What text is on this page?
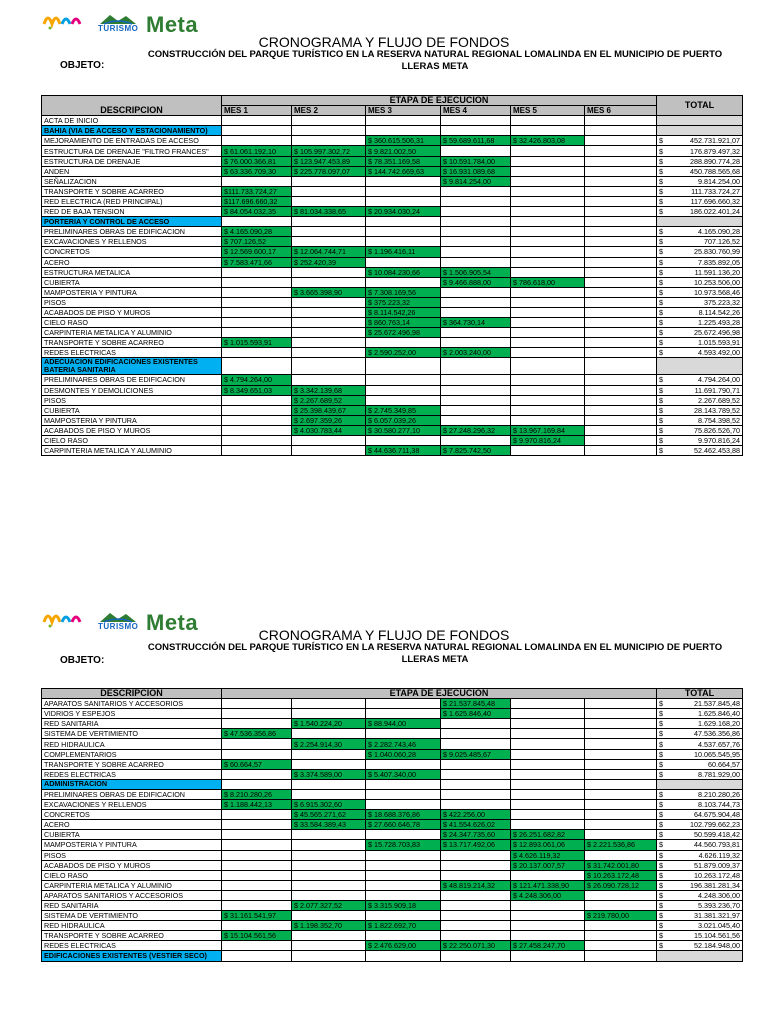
TURISMO Meta
CRONOGRAMA Y FLUJO DE FONDOS
CONSTRUCCIÓN DEL PARQUE TURÍSTICO EN LA RESERVA NATURAL REGIONAL LOMALINDA EN EL MUNICIPIO DE PUERTO LLERAS META
OBJETO:
DESCRIPCION	ETAPA DE EJECUCION						TOTAL
	MES 1	MES 2	MES 3	MES 4	MES 5	MES 6	
ACTA DE INICIO							
BAHIA (VIA DE ACCESO Y ESTACIONAMIENTO)							
MEJORAMIENTO DE ENTRADAS DE ACCESO			$ 360.615.506,31	$ 59.689.611,68	$ 32.426.803,08		$ 452.731.921,07

ESTRUCTURA DE DRENAJE "FILTRO FRANCES"	$ 61.061.192,10	$ 105.997.302,72	$ 9.821.002,50				$ 176.879.497,32

ESTRUCTURA DE DRENAJE	$ 76.000.366,81	$ 123.947.453,89	$ 78.351.169,58	$ 10.591.784,00			$ 288.890.774,28

ANDEN	$ 63.336.709,30	$ 225.778.097,07	$ 144.742.669,63	$ 16.931.089,68			$ 450.788.565,68

SEÑALIZACION				$ 9.814.254,00			$ 9.814.254,00

TRANSPORTE Y SOBRE ACARREO	$111.733.724,27						$ 111.733.724,27

RED ELECTRICA (RED PRINCIPAL)	$117.696.660,32						$ 117.696.660,32

RED DE BAJA TENSION	$ 84.054.032,35	$ 81.034.338,65	$ 20.934.030,24				$ 186.022.401,24

PORTERIA Y CONTROL DE ACCESO							
PRELIMINARES OBRAS DE EDIFICACION	$ 4.165.090,28						$ 4.165.090,28

EXCAVACIONES Y RELLENOS	$ 707.126,52						$ 707.126,52

CONCRETOS	$ 12.569.600,17	$ 12.064.744,71	$ 1.196.416,11				$ 25.830.760,99

ACERO	$ 7.583.471,66	$ 252.420,39					$ 7.835.892,05

ESTRUCTURA METALICA			$ 10.084.230,66	$ 1.506.905,54			$ 11.591.136,20

CUBIERTA				$ 9.466.888,00	$ 786.618,00		$ 10.253.506,00

MAMPOSTERIA Y PINTURA		$ 3.665.398,90	$ 7.308.169,56				$ 10.973.568,46

PISOS			$ 375.223,32				$ 375.223,32

ACABADOS DE PISO Y MUROS			$ 8.114.542,26				$ 8.114.542,26

CIELO RASO			$ 860.763,14	$ 364.730,14			$ 1.225.493,28

CARPINTERIA METALICA Y ALUMINIO			$ 25.672.496,98				$ 25.672.496,98

TRANSPORTE Y SOBRE ACARREO	$ 1.015.593,91						$ 1.015.593,91

REDES ELECTRICAS			$ 2.590.252,00	$ 2.003.240,00			$ 4.593.492,00

ADECUACION EDIFICACIONES EXISTENTES BATERIA SANITARIA							
PRELIMINARES OBRAS DE EDIFICACION	$ 4.794.264,00						$ 4.794.264,00

DESMONTES Y DEMOLICIONES	$ 8.349.651,03	$ 3.342.139,68					$ 11.691.790,71

PISOS		$ 2.267.689,52					$ 2.267.689,52

CUBIERTA		$ 25.398.439,67	$ 2.745.349,85				$ 28.143.789,52

MAMPOSTERIA Y PINTURA		$ 2.697.359,26	$ 6.057.039,26				$ 8.754.398,52

ACABADOS DE PISO Y MUROS		$ 4.030.783,44	$ 30.580.277,10	$ 27.248.296,32	$ 13.967.169,84		$ 75.826.526,70

CIELO RASO					$ 9.970.816,24		$ 9.970.816,24

CARPINTERIA METALICA Y ALUMINIO			$ 44.636.711,38	$ 7.825.742,50			$ 52.462.453,88
TURISMO Meta	CRONOGRAMA Y FLUJO DE FONDOS
CONSTRUCCIÓN DEL PARQUE TURÍSTICO EN LA RESERVA NATURAL REGIONAL LOMALINDA EN EL MUNICIPIO DE PUERTO LLERAS META
OBJETO:
DESCRIPCION	ETAPA DE EJECUCION						TOTAL
APARATOS SANITARIOS Y ACCESORIOS				$ 21.537.845,48			$ 21.537.845,48

VIDRIOS Y ESPEJOS				$ 1.625.846,40			$ 1.625.846,40

RED SANITARIA		$ 1.540.224,20	$ 88.944,00				$ 1.629.168,20

SISTEMA DE VERTIMIENTO	$ 47.536.356,86						$ 47.536.356,86

RED HIDRAULICA		$ 2.254.914,30	$ 2.282.743,46				$ 4.537.657,76

COMPLEMENTARIOS			$ 1.040.060,28	$ 9.025.485,67			$ 10.065.545,95

TRANSPORTE Y SOBRE ACARREO	$ 60.664,57						$ 60.664,57

REDES ELECTRICAS		$ 3.374.589,00	$ 5.407.340,00				$ 8.781.929,00

ADMINISTRACION							
PRELIMINARES OBRAS DE EDIFICACION	$ 8.210.280,26						$ 8.210.280,26

EXCAVACIONES Y RELLENOS	$ 1.188.442,13	$ 6.915.302,60					$ 8.103.744,73

CONCRETOS		$ 45.565.271,62	$ 18.688.376,86	$ 422.256,00			$ 64.675.904,48

ACERO		$ 33.584.389,43	$ 27.660.646,78	$ 41.554.626,02			$ 102.799.662,23

CUBIERTA				$ 24.347.735,60	$ 26.251.682,82		$ 50.599.418,42

MAMPOSTERIA Y PINTURA			$ 15.728.703,83	$ 13.717.492,06	$ 12.893.061,06	$ 2.221.536,86	$ 44.560.793,81

PISOS					$ 4.626.119,32		$ 4.626.119,32

ACABADOS DE PISO Y MUROS					$ 20.137.007,57	$ 31.742.001,80	$ 51.879.009,37

CIELO RASO						$ 10.263.172,48	$ 10.263.172,48

CARPINTERIA METALICA Y ALUMINIO				$ 48.819.214,32	$ 121.471.338,90	$ 26.090.728,12	$ 196.381.281,34

APARATOS SANITARIOS Y ACCESORIOS					$ 4.248.306,00		$ 4.248.306,00

RED SANITARIA		$ 2.077.327,52	$ 3.315.909,18				$ 5.393.236,70

SISTEMA DE VERTIMIENTO	$ 31.161.541,97					$ 219.780,00	$ 31.381.321,97

RED HIDRAULICA		$ 1.198.352,70	$ 1.822.692,70				$ 3.021.045,40

TRANSPORTE Y SOBRE ACARREO	$ 15.104.561,56						$ 15.104.561,56

REDES ELECTRICAS			$ 2.476.629,00	$ 22.250.071,30	$ 27.458.247,70		$ 52.184.948,00

EDIFICACIONES EXISTENTES (VESTIER SECO)							
